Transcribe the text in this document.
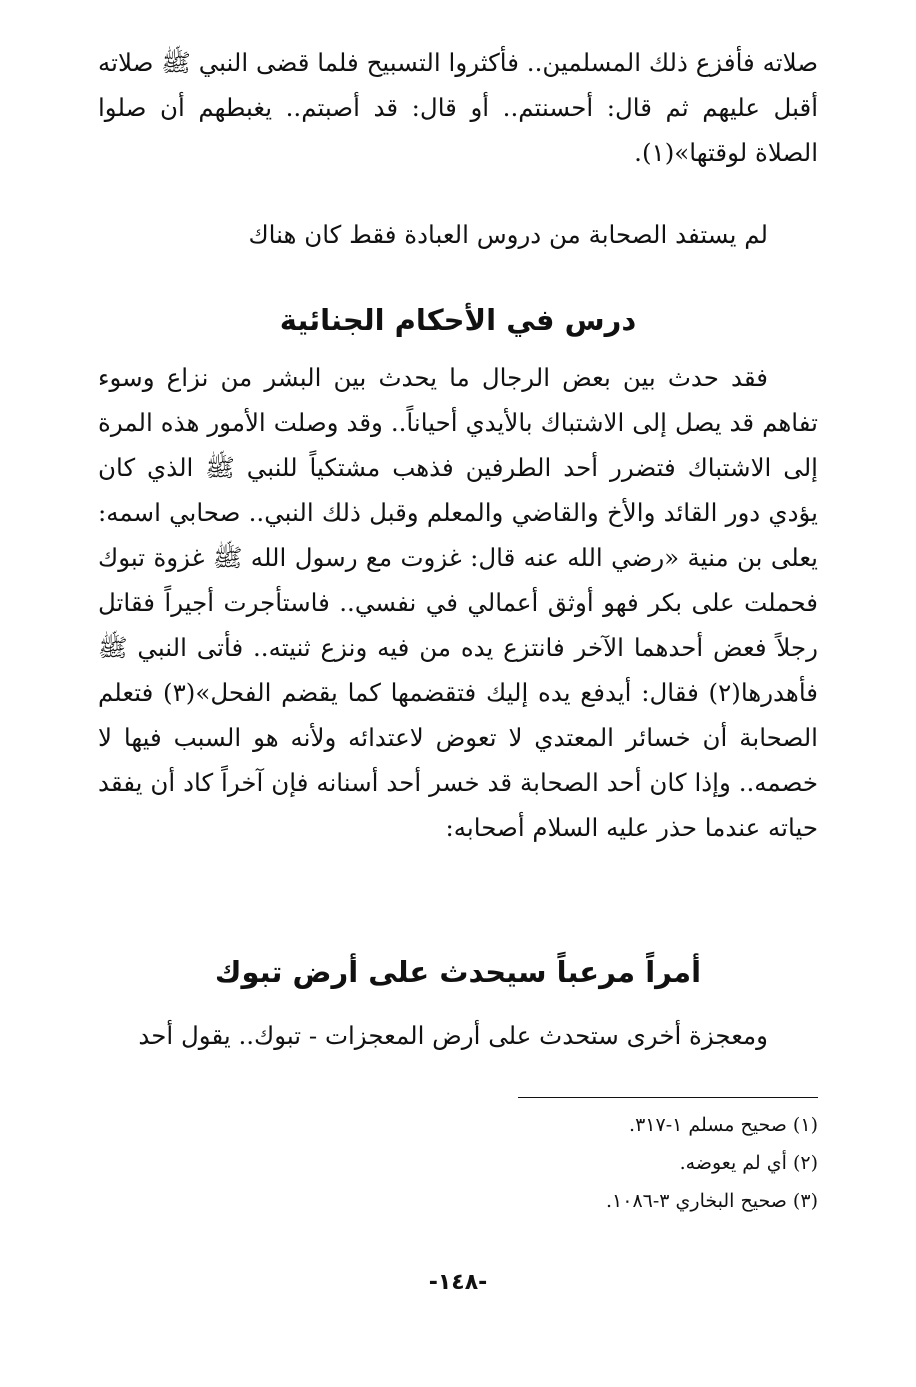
صلاته فأفزع ذلك المسلمين.. فأكثروا التسبيح فلما قضى النبي ﷺ صلاته أقبل عليهم ثم قال: أحسنتم.. أو قال: قد أصبتم.. يغبطهم أن صلوا الصلاة لوقتها»(١).

لم يستفد الصحابة من دروس العبادة فقط كان هناك

درس في الأحكام الجنائية

فقد حدث بين بعض الرجال ما يحدث بين البشر من نزاع وسوء تفاهم قد يصل إلى الاشتباك بالأيدي أحياناً.. وقد وصلت الأمور هذه المرة إلى الاشتباك فتضرر أحد الطرفين فذهب مشتكياً للنبي ﷺ الذي كان يؤدي دور القائد والأخ والقاضي والمعلم وقبل ذلك النبي.. صحابي اسمه: يعلى بن منية «رضي الله عنه قال: غزوت مع رسول الله ﷺ غزوة تبوك فحملت على بكر فهو أوثق أعمالي في نفسي.. فاستأجرت أجيراً فقاتل رجلاً فعض أحدهما الآخر فانتزع يده من فيه ونزع ثنيته.. فأتى النبي ﷺ فأهدرها(٢) فقال: أيدفع يده إليك فتقضمها كما يقضم الفحل»(٣) فتعلم الصحابة أن خسائر المعتدي لا تعوض لاعتدائه ولأنه هو السبب فيها لا خصمه.. وإذا كان أحد الصحابة قد خسر أحد أسنانه فإن آخراً كاد أن يفقد حياته عندما حذر عليه السلام أصحابه:

أمراً مرعباً سيحدث على أرض تبوك

ومعجزة أخرى ستحدث على أرض المعجزات - تبوك.. يقول أحد

(١) صحيح مسلم ١-٣١٧.
(٢) أي لم يعوضه.
(٣) صحيح البخاري ٣-١٠٨٦.
-١٤٨-
